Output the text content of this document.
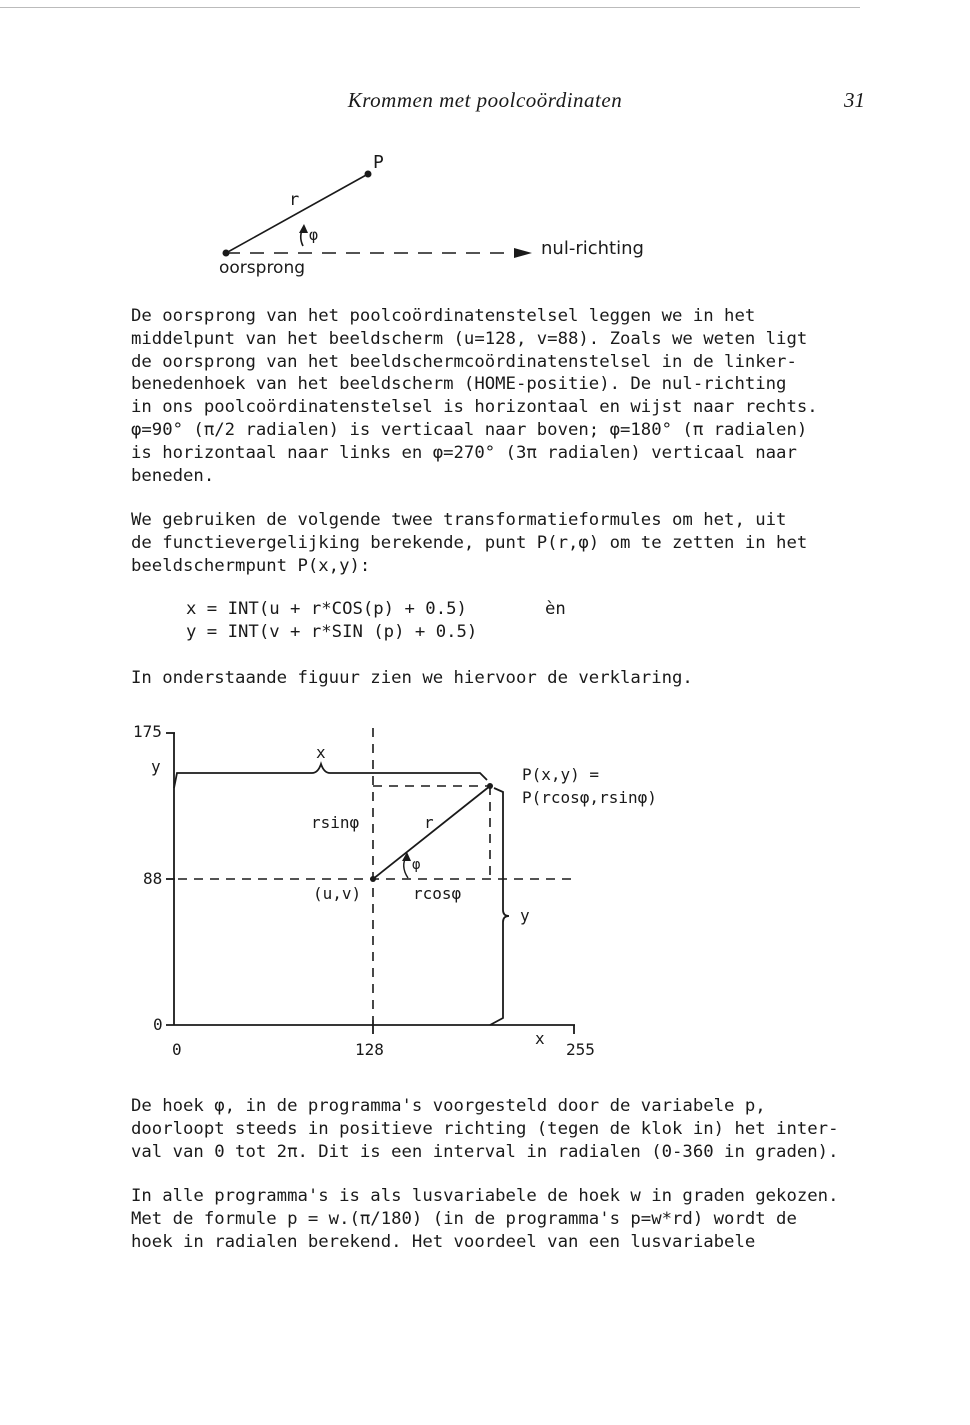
Krommen met poolcoördinaten	31
P
r
φ
oorsprong
nul-richting
De oorsprong van het poolcoördinatenstelsel leggen we in het
middelpunt van het beeldscherm (u=128, v=88). Zoals we weten ligt
de oorsprong van het beeldschermcoördinatenstelsel in de linker-
benedenhoek van het beeldscherm (HOME-positie). De nul-richting
in ons poolcoördinatenstelsel is horizontaal en wijst naar rechts.
φ=90° (π/2 radialen) is verticaal naar boven; φ=180° (π radialen)
is horizontaal naar links en φ=270° (3π radialen) verticaal naar
beneden.
We gebruiken de volgende twee transformatieformules om het, uit
de functievergelijking berekende, punt P(r,φ) om te zetten in het
beeldschermpunt P(x,y):
x = INT(u + r*COS(p) + 0.5)	èn
y = INT(v + r*SIN (p) + 0.5)
In onderstaande figuur zien we hiervoor de verklaring.
175
y
88
0
0	128	255
x
x
y
P(x,y) =
P(rcosφ,rsinφ)
rsinφ	r
φ
(u,v)	rcosφ
De hoek φ, in de programma's voorgesteld door de variabele p,
doorloopt steeds in positieve richting (tegen de klok in) het inter-
val van 0 tot 2π. Dit is een interval in radialen (0-360 in graden).
In alle programma's is als lusvariabele de hoek w in graden gekozen.
Met de formule p = w.(π/180) (in de programma's p=w*rd) wordt de
hoek in radialen berekend. Het voordeel van een lusvariabele
